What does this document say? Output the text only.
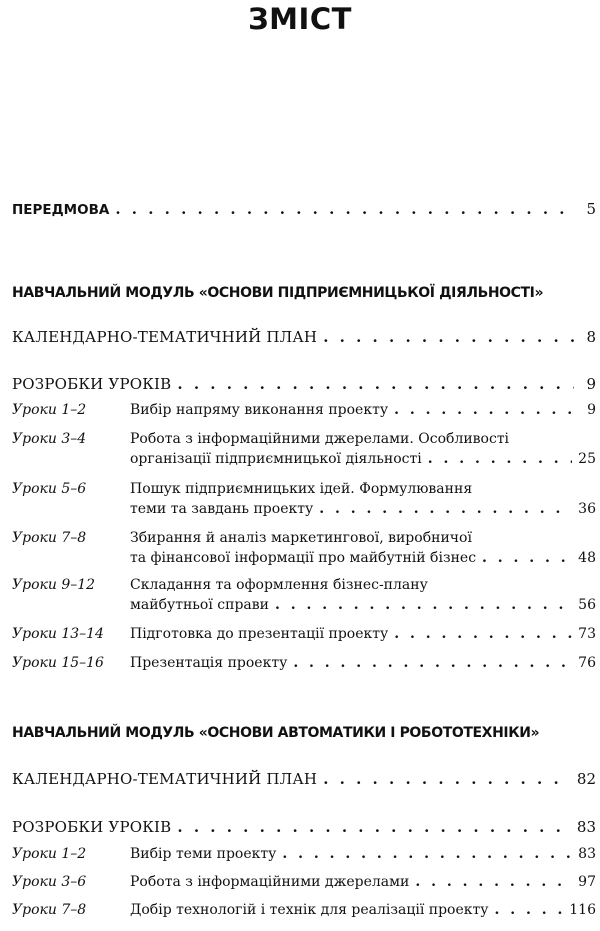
ЗМІСТ
ПЕРЕДМОВА . . .	5
НАВЧАЛЬНИЙ МОДУЛЬ «ОСНОВИ ПІДПРИЄМНИЦЬКОЇ ДІЯЛЬНОСТІ»
КАЛЕНДАРНО-ТЕМАТИЧНИЙ ПЛАН . . .	8
РОЗРОБКИ УРОКІВ . . .	9
Уроки 1–2	Вибір напряму виконання проекту . . .	9
Уроки 3–4	Робота з інформаційними джерелами. Особливості
організації підприємницької діяльності . . .	25
Уроки 5–6	Пошук підприємницьких ідей. Формулювання
теми та завдань проекту . . .	36
Уроки 7–8	Збирання й аналіз маркетингової, виробничої
та фінансової інформації про майбутній бізнес . . .	48
Уроки 9–12 Складання та оформлення бізнес-плану
майбутньої справи . . .	56
Уроки 13–14 Підготовка до презентації проекту . . .	73
Уроки 15–16 Презентація проекту . . .	76
НАВЧАЛЬНИЙ МОДУЛЬ «ОСНОВИ АВТОМАТИКИ І РОБОТОТЕХНІКИ»
КАЛЕНДАРНО-ТЕМАТИЧНИЙ ПЛАН . . .	82
РОЗРОБКИ УРОКІВ . . .	83
Уроки 1–2	Вибір теми проекту . . .	83
Уроки 3–6	Робота з інформаційними джерелами . . .	97
Уроки 7–8	Добір технологій і технік для реалізації проекту . . .	116
